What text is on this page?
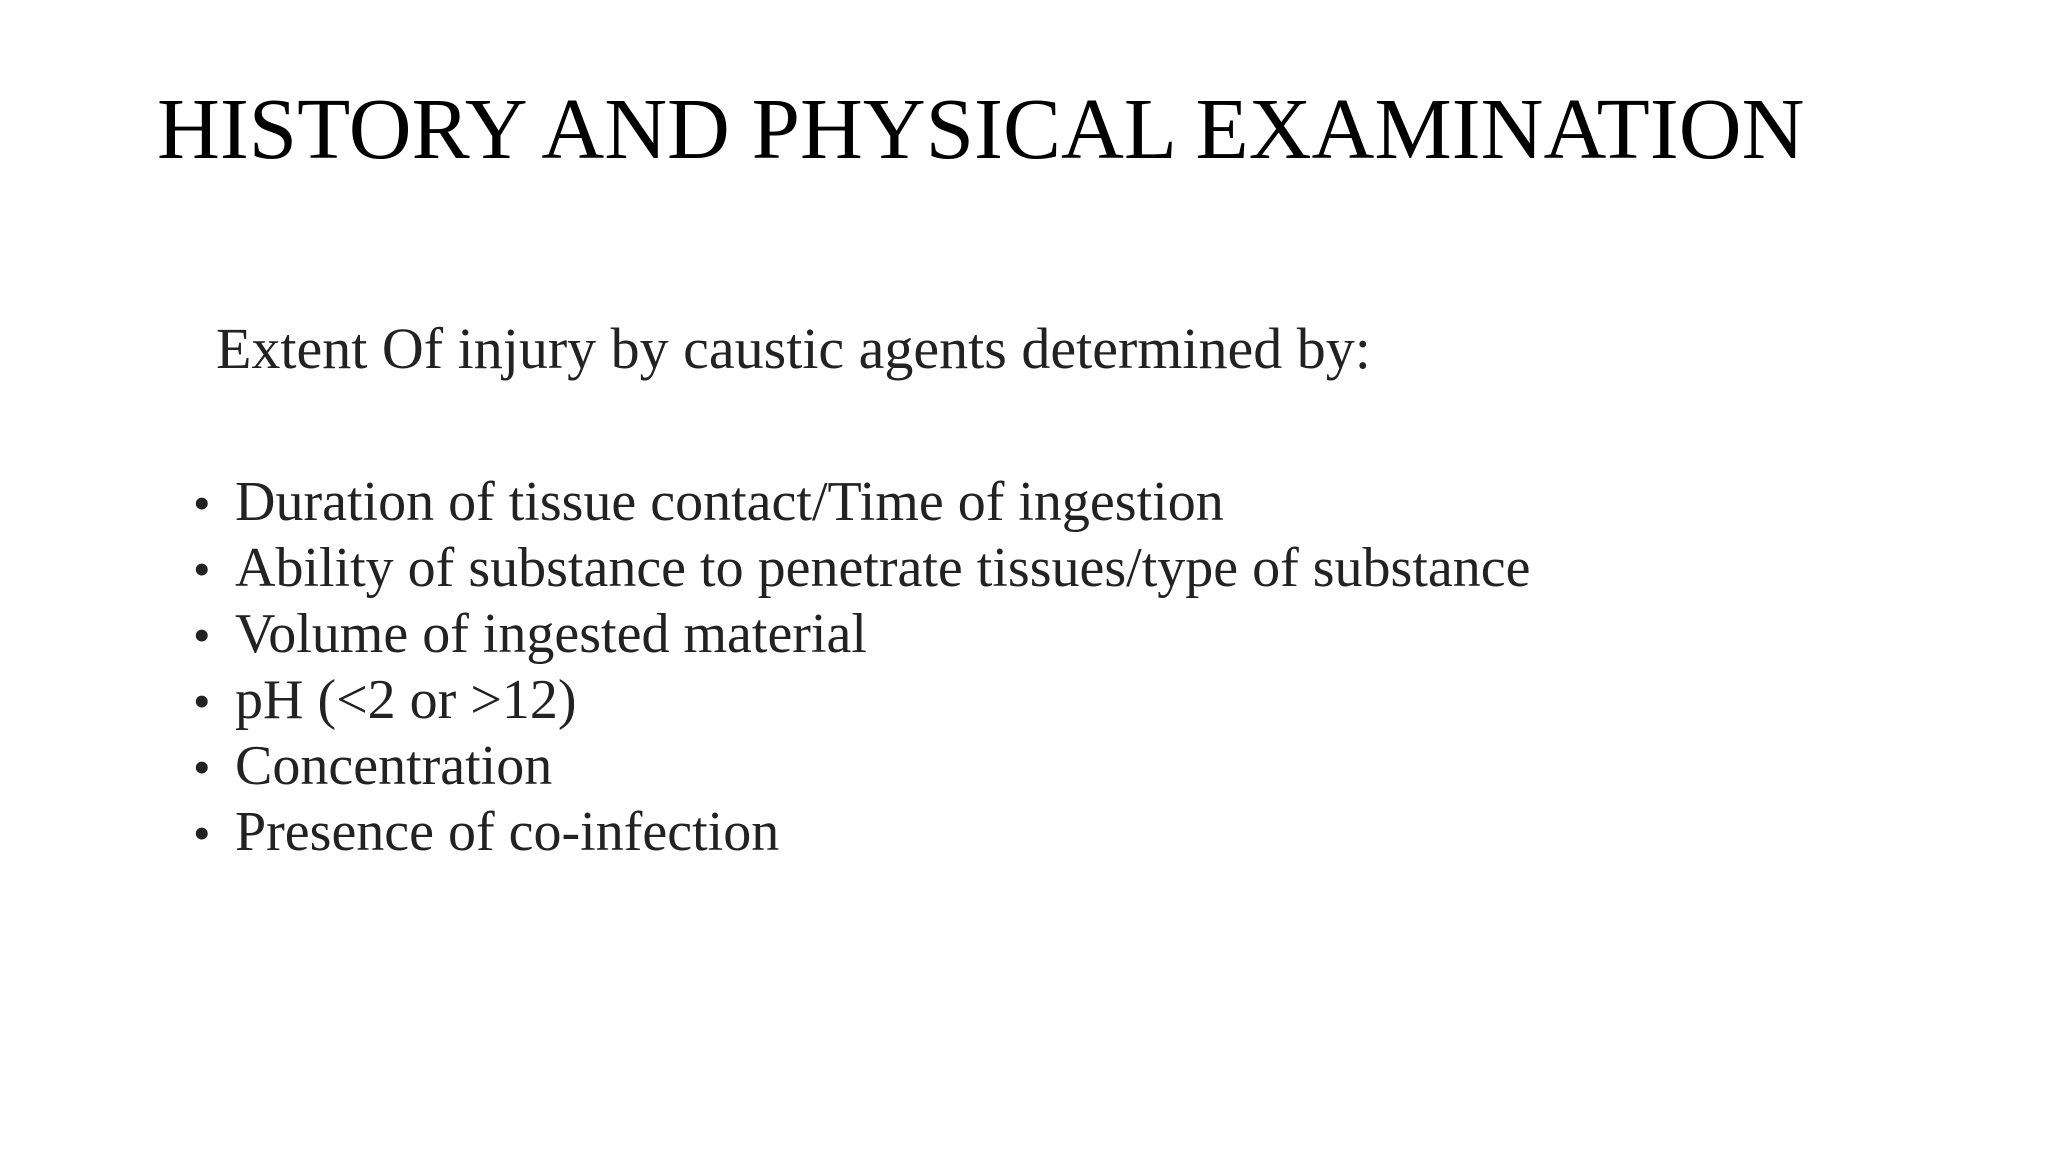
HISTORY AND PHYSICAL EXAMINATION

Extent Of injury by caustic agents determined by:

• Duration of tissue contact/Time of ingestion
• Ability of substance to penetrate tissues/type of substance
• Volume of ingested material
• pH (<2 or >12)
• Concentration
• Presence of co-infection
